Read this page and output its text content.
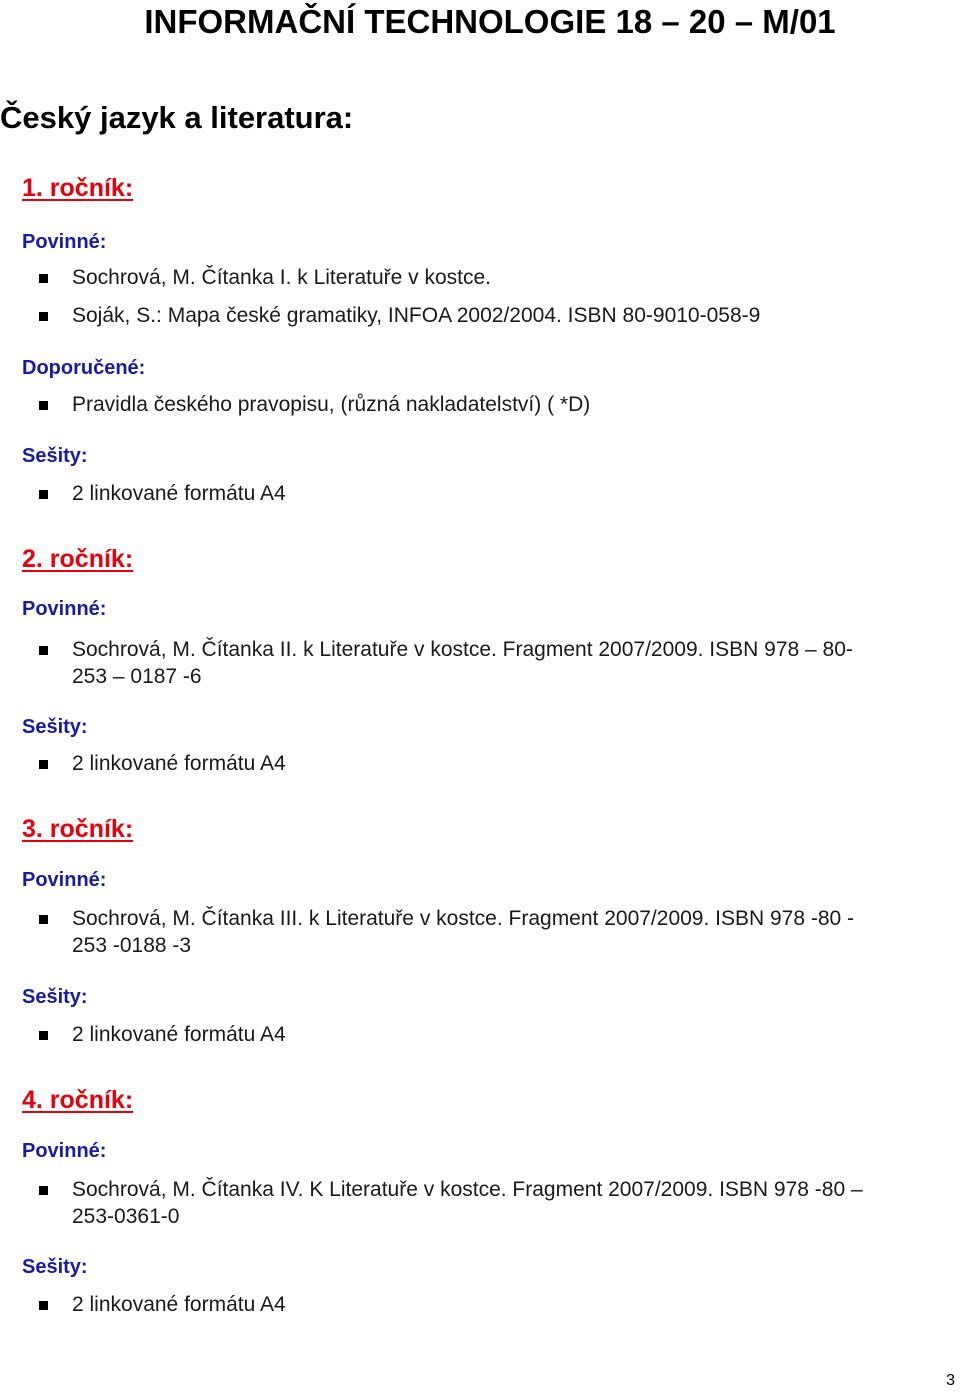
INFORMAČNÍ TECHNOLOGIE 18 – 20 – M/01
Český jazyk a literatura:
1. ročník:
Povinné:
Sochrová, M. Čítanka I. k Literatuře v kostce.
Soják, S.: Mapa české gramatiky, INFOA 2002/2004. ISBN 80-9010-058-9
Doporučené:
Pravidla českého pravopisu, (různá nakladatelství) ( *D)
Sešity:
2 linkované formátu A4
2. ročník:
Povinné:
Sochrová, M. Čítanka II. k Literatuře v kostce. Fragment 2007/2009. ISBN 978 – 80-
253 – 0187 -6
Sešity:
2 linkované formátu A4
3. ročník:
Povinné:
Sochrová, M. Čítanka III. k Literatuře v kostce. Fragment 2007/2009. ISBN 978 -80 -
253 -0188 -3
Sešity:
2 linkované formátu A4
4. ročník:
Povinné:
Sochrová, M. Čítanka IV. K Literatuře v kostce. Fragment 2007/2009. ISBN 978 -80 –
253-0361-0
Sešity:
2 linkované formátu A4
3
